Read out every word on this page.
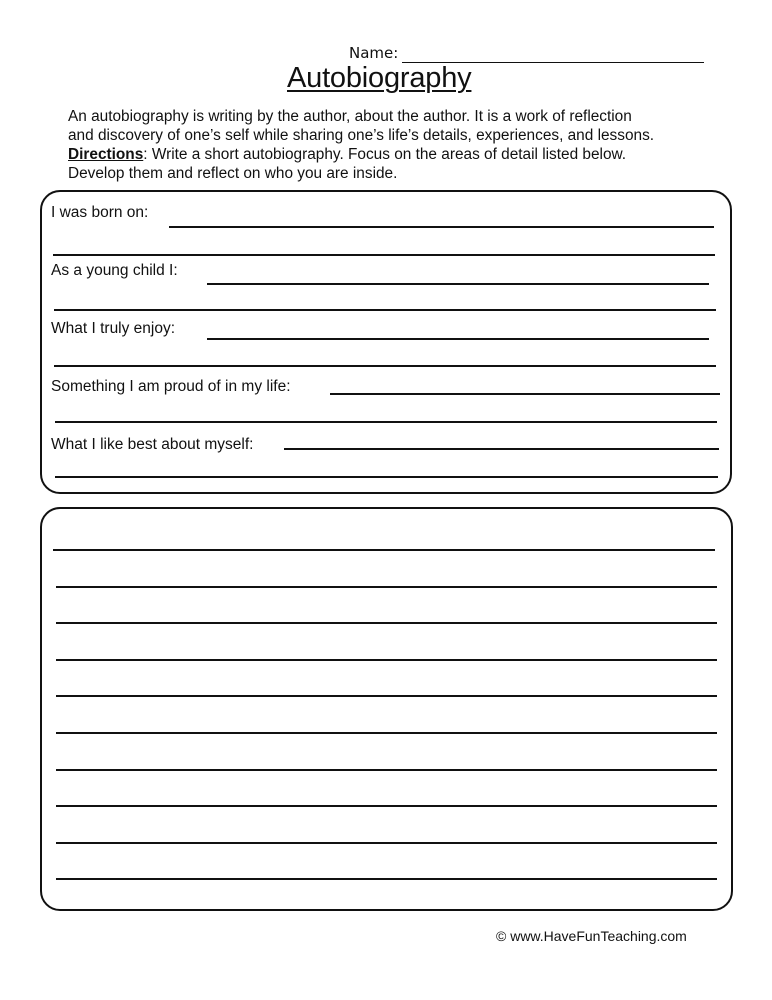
Name:
Autobiography

An autobiography is writing by the author, about the author. It is a work of reflection

and discovery of one’s self while sharing one’s life’s details, experiences, and lessons.

Directions: Write a short autobiography. Focus on the areas of detail listed below.

Develop them and reflect on who you are inside.

I was born on:
As a young child I:
What I truly enjoy:
Something I am proud of in my life:
What I like best about myself:
© www.HaveFunTeaching.com
